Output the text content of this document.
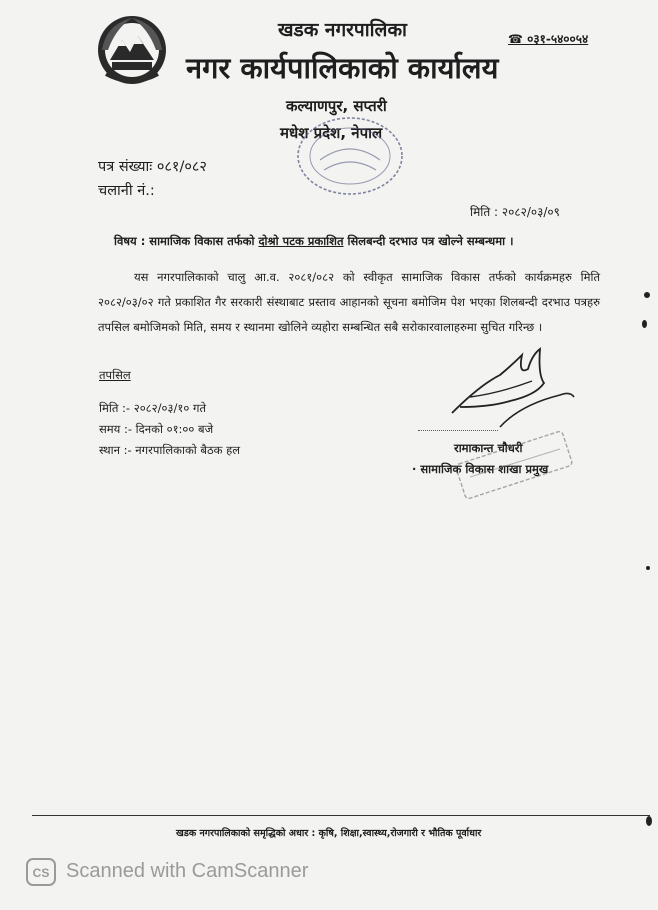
खडक नगरपालिका	☎ ०३१-५४००५४
नगर कार्यपालिकाको कार्यालय
कल्याणपुर, सप्तरी
मधेश प्रदेश, नेपाल
पत्र संख्याः ०८१/०८२
चलानी नं.:
मिति : २०८२/०३/०९
विषय : सामाजिक विकास तर्फको दोश्रो पटक प्रकाशित सिलबन्दी दरभाउ पत्र खोल्ने सम्बन्धमा ।
यस नगरपालिकाको चालु आ.व. २०८१/०८२ को स्वीकृत सामाजिक विकास तर्फको कार्यक्रमहरु मिति २०८२/०३/०२ गते प्रकाशित गैर सरकारी संस्थाबाट प्रस्ताव आहानको सूचना बमोजिम पेश भएका शिलबन्दी दरभाउ पत्रहरु तपसिल बमोजिमको मिति, समय र स्थानमा खोलिने व्यहोरा सम्बन्धित सबै सरोकारवालाहरुमा सुचित गरिन्छ ।
तपसिल
मिति :- २०८२/०३/१० गते
समय :- दिनको ०१:०० बजे
स्थान :- नगरपालिकाको बैठक हल	रामाकान्त चौधरी
· सामाजिक विकास शाखा प्रमुख
खडक नगरपालिकाको समृद्धिको अधार : कृषि, शिक्षा,स्वास्थ्य,रोजगारी र भौतिक पूर्वाधार
CS Scanned with CamScanner
